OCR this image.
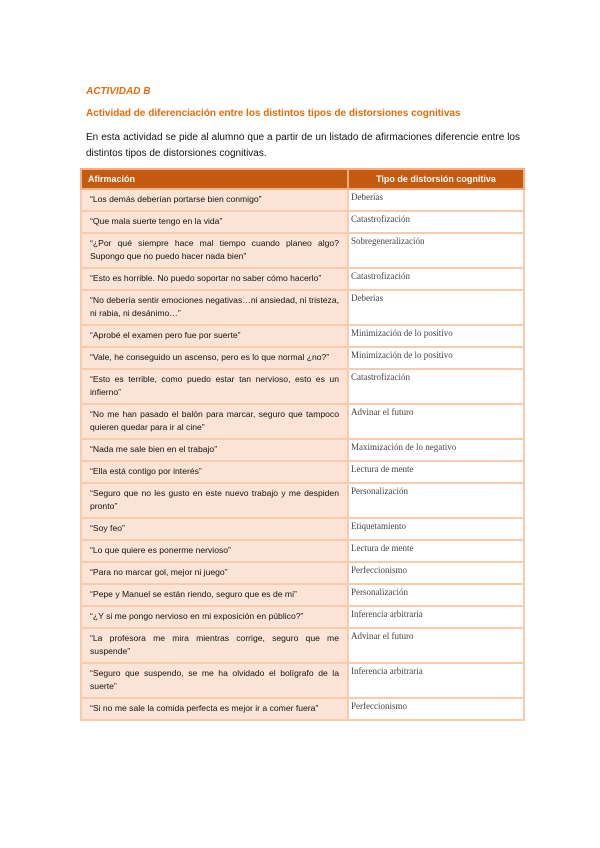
ACTIVIDAD B
Actividad de diferenciación entre los distintos tipos de distorsiones cognitivas
En esta actividad se pide al alumno que a partir de un listado de afirmaciones diferencie entre los distintos tipos de distorsiones cognitivas.
Afirmación	Tipo de distorsión cognitiva
“Los demás deberían portarse bien conmigo”	Deberías
“Que mala suerte tengo en la vida”	Catastrofización
“¿Por qué siempre hace mal tiempo cuando planeo algo? Supongo que no puedo hacer nada bien”	Sobregeneralización
“Esto es horrible. No puedo soportar no saber cómo hacerlo”	Catastrofización
“No debería sentir emociones negativas…ni ansiedad, ni tristeza, ni rabia, ni desánimo…”	Deberías
“Aprobé el examen pero fue por suerte”	Minimización de lo positivo
“Vale, he conseguido un ascenso, pero es lo que normal ¿no?”	Minimización de lo positivo
“Esto es terrible, como puedo estar tan nervioso, esto es un infierno”	Catastrofización
“No me han pasado el balón para marcar, seguro que tampoco quieren quedar para ir al cine”	Advinar el futuro
“Nada me sale bien en el trabajo”	Maximización de lo negativo
“Ella está contigo por interés”	Lectura de mente
“Seguro que no les gusto en este nuevo trabajo y me despiden pronto”	Personalización
“Soy feo”	Etiquetamiento
“Lo que quiere es ponerme nervioso”	Lectura de mente
“Para no marcar gol, mejor ni juego”	Perfeccionismo
“Pepe y Manuel se están riendo, seguro que es de mi”	Personalización
“¿Y si me pongo nervioso en mi exposición en público?”	Inferencia arbitraria
“La profesora me mira mientras corrige, seguro que me suspende”	Advinar el futuro
“Seguro que suspendo, se me ha olvidado el bolígrafo de la suerte”	Inferencia arbitraria
“Si no me sale la comida perfecta es mejor ir a comer fuera”	Perfeccionismo
